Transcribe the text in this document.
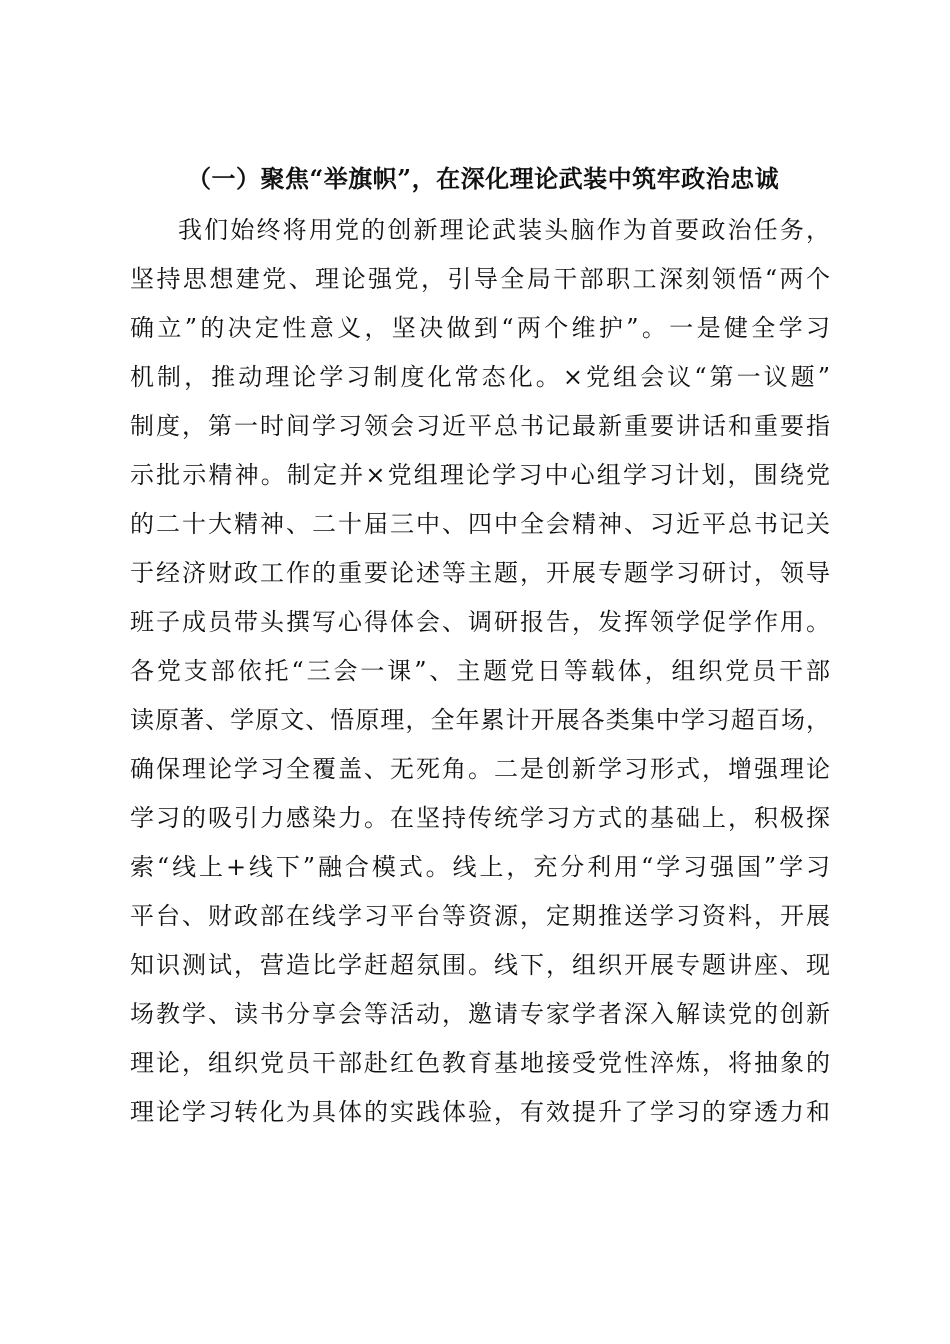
（一）聚焦“举旗帜”，在深化理论武装中筑牢政治忠诚
我们始终将用党的创新理论武装头脑作为首要政治任务，
坚持思想建党、理论强党，引导全局干部职工深刻领悟“两个
确立”的决定性意义，坚决做到“两个维护”。一是健全学习
机制，推动理论学习制度化常态化。×党组会议“第一议题”
制度，第一时间学习领会习近平总书记最新重要讲话和重要指
示批示精神。制定并×党组理论学习中心组学习计划，围绕党
的二十大精神、二十届三中、四中全会精神、习近平总书记关
于经济财政工作的重要论述等主题，开展专题学习研讨，领导
班子成员带头撰写心得体会、调研报告，发挥领学促学作用。
各党支部依托“三会一课”、主题党日等载体，组织党员干部
读原著、学原文、悟原理，全年累计开展各类集中学习超百场，
确保理论学习全覆盖、无死角。二是创新学习形式，增强理论
学习的吸引力感染力。在坚持传统学习方式的基础上，积极探
索“线上+线下”融合模式。线上，充分利用“学习强国”学习
平台、财政部在线学习平台等资源，定期推送学习资料，开展
知识测试，营造比学赶超氛围。线下，组织开展专题讲座、现
场教学、读书分享会等活动，邀请专家学者深入解读党的创新
理论，组织党员干部赴红色教育基地接受党性淬炼，将抽象的
理论学习转化为具体的实践体验，有效提升了学习的穿透力和
